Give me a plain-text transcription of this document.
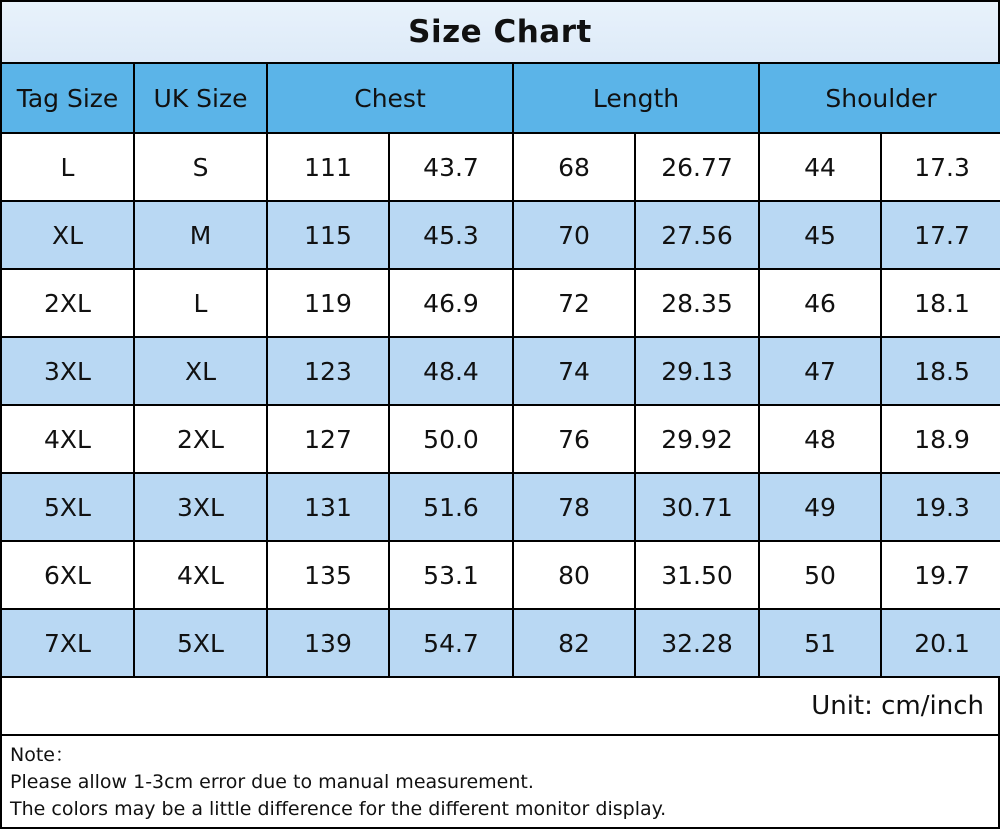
Size Chart
Tag Size	UK Size	Chest		Length		Shoulder	
L	S	111	43.7	68	26.77	44	17.3
XL	M	115	45.3	70	27.56	45	17.7
2XL	L	119	46.9	72	28.35	46	18.1
3XL	XL	123	48.4	74	29.13	47	18.5
4XL	2XL	127	50.0	76	29.92	48	18.9
5XL	3XL	131	51.6	78	30.71	49	19.3
6XL	4XL	135	53.1	80	31.50	50	19.7
7XL	5XL	139	54.7	82	32.28	51	20.1
Unit: cm/inch
Note：
Please allow 1-3cm error due to manual measurement.
The colors may be a little difference for the different monitor display.
